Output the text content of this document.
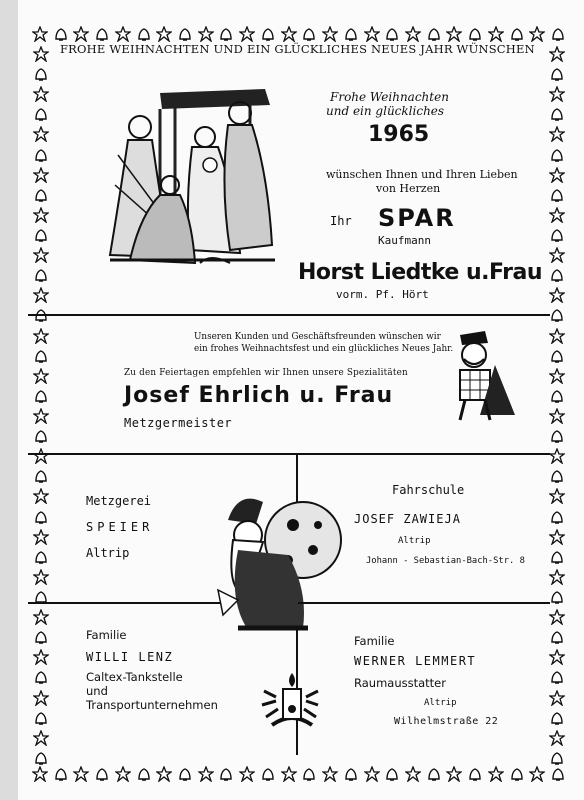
FROHE WEIHNACHTEN UND EIN GLÜCKLICHES NEUES JAHR WÜNSCHEN
Frohe Weihnachten
und ein glückliches
1965
wünschen Ihnen und Ihren Lieben
von Herzen
Ihr SPAR
Kaufmann
Horst Liedtke u.Frau
vorm. Pf. Hört
Unseren Kunden und Geschäftsfreunden wünschen wir
ein frohes Weihnachtsfest und ein glückliches Neues Jahr.
Zu den Feiertagen empfehlen wir Ihnen unsere Spezialitäten
Josef Ehrlich u. Frau
Metzgermeister
Metzgerei
SPEIER
Altrip
Fahrschule
JOSEF ZAWIEJA
Altrip
Johann - Sebastian-Bach-Str. 8
Familie
WILLI LENZ
Caltex-Tankstelle
und
Transportunternehmen
Familie
WERNER LEMMERT
Raumausstatter
Altrip
Wilhelmstraße 22
